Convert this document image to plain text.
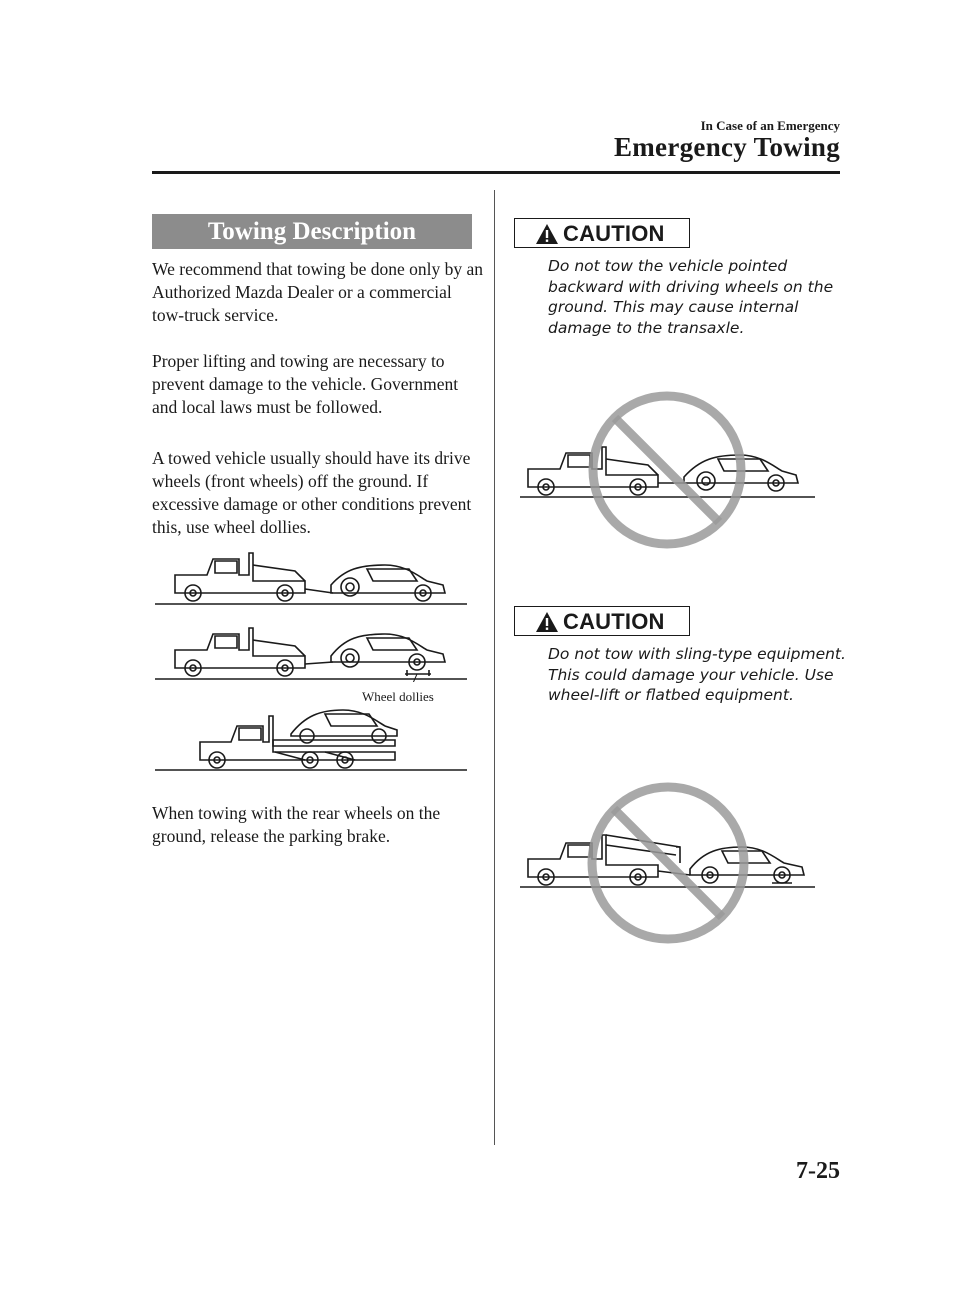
In Case of an Emergency
Emergency Towing
Towing Description
We recommend that towing be done only by an Authorized Mazda Dealer or a commercial tow-truck service.
Proper lifting and towing are necessary to prevent damage to the vehicle. Government and local laws must be followed.
A towed vehicle usually should have its drive wheels (front wheels) off the ground. If excessive damage or other conditions prevent this, use wheel dollies.
Wheel dollies
When towing with the rear wheels on the ground, release the parking brake.
CAUTION
Do not tow the vehicle pointed backward with driving wheels on the ground. This may cause internal damage to the transaxle.
CAUTION
Do not tow with sling-type equipment. This could damage your vehicle. Use wheel-lift or flatbed equipment.
7-25
